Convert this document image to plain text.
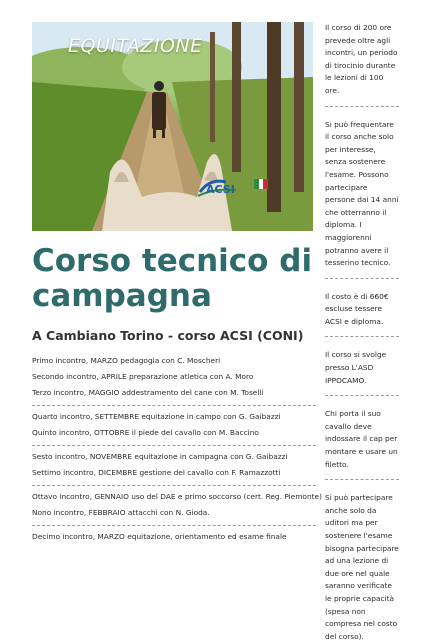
EQUITAZIONE
ACSI
Corso tecnico di campagna
A Cambiano Torino - corso ACSI (CONI)
Primo incontro, MARZO pedagogia con C. Moscheri
Secondo incontro, APRILE preparazione atletica con A. Moro
Terzo incontro, MAGGIO addestramento del cane con M. Toselli
Quarto incontro, SETTEMBRE equitazione in campo con G. Gaibazzi
Quinto incontro, OTTOBRE il piede del cavallo con M. Baccino
Sesto incontro, NOVEMBRE equitazione in campagna con G. Gaibazzi
Settimo incontro, DICEMBRE gestione del cavallo con F. Ramazzotti
Ottavo incontro, GENNAIO uso del DAE e primo soccorso (cert. Reg. Piemonte)
Nono incontro, FEBBRAIO attacchi con N. Gioda.
Decimo incontro, MARZO equitazione, orientamento ed esame finale
Il corso di 200 ore prevede oltre agli incontri, un periodo di tirocinio durante le lezioni di 100 ore.
Si può frequentare il corso anche solo per interesse, senza sostenere l'esame. Possono partecipare persone dai 14 anni che otterranno il diploma. I maggiorenni potranno avere il tesserino tecnico.
Il costo è di 660€ escluse tessere ACSI e diploma.
Il corso si svolge presso L'ASD IPPOCAMO.
Chi porta il suo cavallo deve indossare il cap per montare e usare un filetto.
Si può partecipare anche solo da uditori ma per sostenere l'esame bisogna partecipare ad una lezione di due ore nel quale saranno verificate le proprie capacità (spesa non compresa nel costo del corso).
